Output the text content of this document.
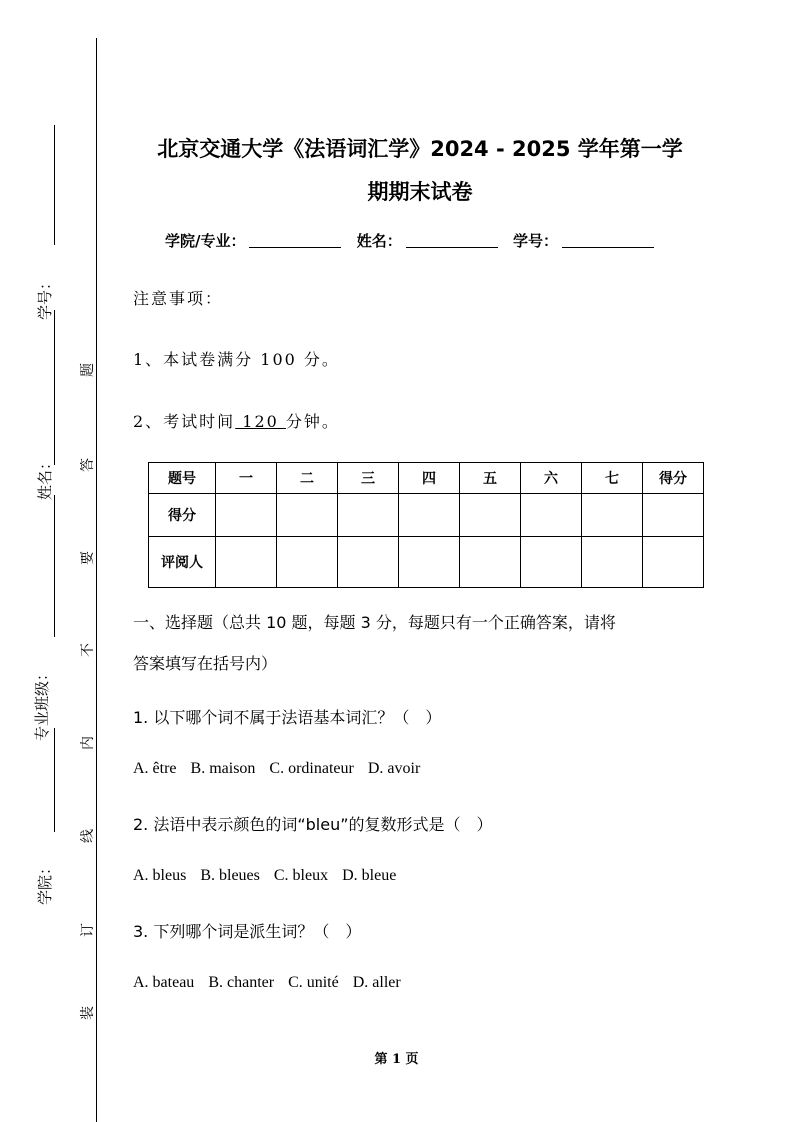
学号：
姓名：
专业班级：
学院：
题
答
要
不
内
线
订
装
北京交通大学《法语词汇学》2024 - 2025 学年第一学
期期末试卷
学院/专业：	姓名：	学号：
注意事项：
1、本试卷满分 100 分。
2、考试时间 120 分钟。
题号	一	二	三	四	五	六	七	得分
得分								
评阅人								
一、选择题（总共 10 题，每题 3 分，每题只有一个正确答案，请将
答案填写在括号内）
1. 以下哪个词不属于法语基本词汇？（　）
A. être B. maison C. ordinateur D. avoir
2. 法语中表示颜色的词“bleu”的复数形式是（　）
A. bleus B. bleues C. bleux D. bleue
3. 下列哪个词是派生词？（　）
A. bateau B. chanter C. unité D. aller
第 1 页
